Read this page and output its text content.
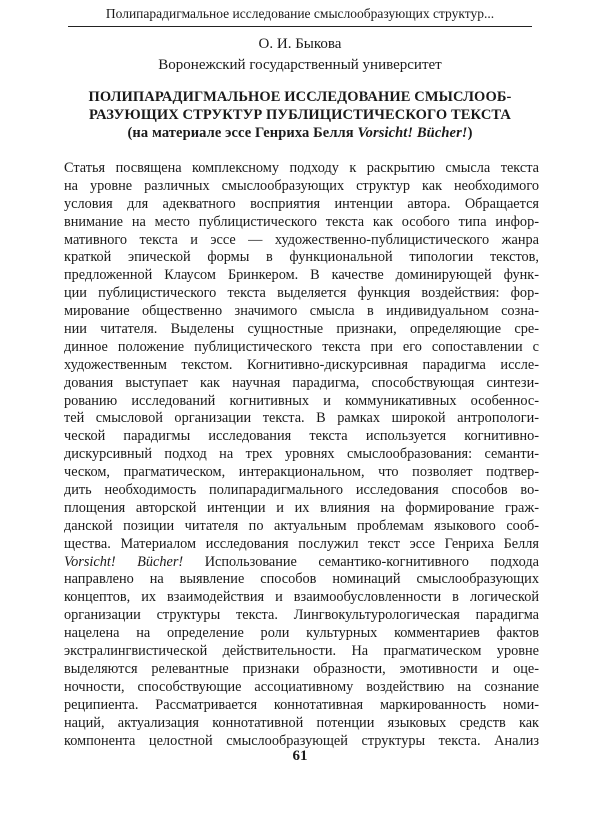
Полипарадигмальное исследование смыслообразующих структур...
О. И. Быкова
Воронежский государственный университет
ПОЛИПАРАДИГМАЛЬНОЕ ИССЛЕДОВАНИЕ СМЫСЛООБ-
РАЗУЮЩИХ СТРУКТУР ПУБЛИЦИСТИЧЕСКОГО ТЕКСТА
(на материале эссе Генриха Белля Vorsicht! Bücher!)
Статья посвящена комплексному подходу к раскрытию смысла текста
на уровне различных смыслообразующих структур как необходимого
условия для адекватного восприятия интенции автора. Обращается
внимание на место публицистического текста как особого типа инфор-
мативного текста и эссе — художественно-публицистического жанра
краткой эпической формы в функциональной типологии текстов,
предложенной Клаусом Бринкером. В качестве доминирующей функ-
ции публицистического текста выделяется функция воздействия: фор-
мирование общественно значимого смысла в индивидуальном созна-
нии читателя. Выделены сущностные признаки, определяющие сре-
динное положение публицистического текста при его сопоставлении с
художественным текстом. Когнитивно-дискурсивная парадигма иссле-
дования выступает как научная парадигма, способствующая синтези-
рованию исследований когнитивных и коммуникативных особеннос-
тей смысловой организации текста. В рамках широкой антропологи-
ческой парадигмы исследования текста используется когнитивно-
дискурсивный подход на трех уровнях смыслообразования: семанти-
ческом, прагматическом, интеракциональном, что позволяет подтвер-
дить необходимость полипарадигмального исследования способов во-
площения авторской интенции и их влияния на формирование граж-
данской позиции читателя по актуальным проблемам языкового сооб-
щества. Материалом исследования послужил текст эссе Генриха Белля
Vorsicht! Bücher! Использование семантико-когнитивного подхода
направлено на выявление способов номинаций смыслообразующих
концептов, их взаимодействия и взаимообусловленности в логической
организации структуры текста. Лингвокультурологическая парадигма
нацелена на определение роли культурных комментариев фактов
экстралингвистической действительности. На прагматическом уровне
выделяются релевантные признаки образности, эмотивности и оце-
ночности, способствующие ассоциативному воздействию на сознание
реципиента. Рассматривается коннотативная маркированность номи-
наций, актуализация коннотативной потенции языковых средств как
компонента целостной смыслообразующей структуры текста. Анализ
61
